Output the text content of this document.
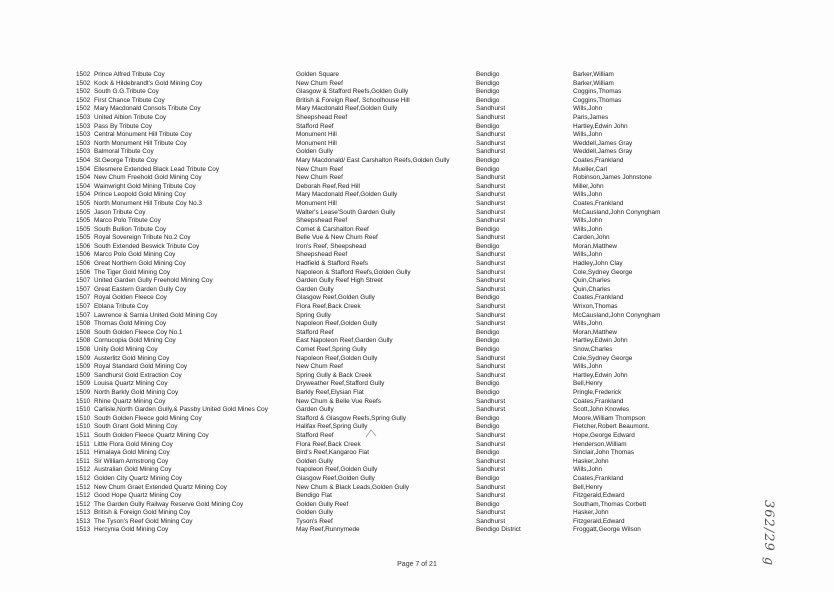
1502 Prince Alfred Tribute Coy	Golden Square	Bendigo	Barker,William
1502 Kock & Hildebrandt's Gold Mining Coy	New Chum Reef	Bendigo	Barker,William
1502 South G.G.Tribute Coy	Glasgow & Stafford Reefs,Golden Gully	Bendigo	Coggins,Thomas
1502 First Chance Tribute Coy	British & Foreign Reef, Schoolhouse Hill	Bendigo	Coggins,Thomas
1502 Mary Macdonald Consols Tribute Coy	Mary Macdonald Reef,Golden Gully	Sandhurst	Wills,John
1503 United Albion Tribute Coy	Sheepshead Reef	Sandhurst	Paris,James
1503 Pass By Tribute Coy	Stafford Reef	Bendigo	Hartley,Edwin John
1503 Central Monument Hill Tribute Coy	Monument Hill	Sandhurst	Wills,John
1503 North Monument Hill Tribute Coy	Monument Hill	Sandhurst	Weddell,James Gray
1503 Balmoral Tribute Coy	Golden Gully	Sandhurst	Weddell,James Gray
1504 St.George Tribute Coy	Mary Macdonald/ East Carshalton Reefs,Golden Gully	Bendigo	Coates,Frankland
1504 Ellesmere Extended Black Lead Tribute Coy	New Chum Reef	Bendigo	Mueller,Carl
1504 New Chum Freehold Gold Mining Coy	New Chum Reef	Sandhurst	Robinson,James Johnstone
1504 Wainwright Gold Mining Tribute Coy	Deborah Reef,Red Hill	Sandhurst	Miller,John
1504 Prince Leopold Gold Mining Coy	Mary Macdonald Reef,Golden Gully	Sandhurst	Wills,John
1505 North Monument Hill Tribute Coy No.3	Monument Hill	Sandhurst	Coates,Frankland
1505 Jason Tribute Coy	Walter's Lease'South Garden Gully	Sandhurst	McCausland,John Conyngham
1505 Marco Polo Tribute Coy	Sheepshead Reef	Sandhurst	Wills,John
1505 South Bullion Tribute Coy	Comet & Carshalton Reef	Bendigo	Wills,John
1505 Royal Sovereign Tribute No.2 Coy	Belle Vue & New Chum Reef	Sandhurst	Carden,John
1506 South Extended Beswick Tribute Coy	Iron's Reef, Sheepshead	Bendigo	Moran,Matthew
1506 Marco Polo Gold Mining Coy	Sheepshead Reef	Sandhurst	Wills,John
1506 Great Northern Gold Mining Coy	Hadfield & Stafford Reefs	Sandhurst	Hadley,John Clay
1506 The Tiger Gold Mining Coy	Napoleon & Stafford Reefs,Golden Gully	Sandhurst	Cole,Sydney George
1507 United Garden Gully Freehold Mining Coy	Garden Gully Reef High Street	Sandhurst	Quin,Charles
1507 Great Eastern Garden Gully Coy	Garden Gully	Sandhurst	Quin,Charles
1507 Royal Golden Fleece Coy	Glasgow Reef,Golden Gully	Bendigo	Coates,Frankland
1507 Eblana Tribute Coy	Flora Reef,Back Creek	Sandhurst	Wrixon,Thomas
1507 Lawrence & Sarnia United Gold Mining Coy	Spring Gully	Sandhurst	McCausland,John Conyngham
1508 Thomas Gold Mining Coy	Napoleon Reef,Golden Gully	Sandhurst	Wills,John
1508 South Golden Fleece Coy No.1	Stafford Reef	Bendigo	Moran,Matthew
1508 Cornucopia Gold Mining Coy	East Napoleon Reef,Garden Gully	Bendigo	Hartley,Edwin John
1508 Unity Gold Mining Coy	Comet Reef,Spring Gully	Bendigo	Snow,Charles
1509 Austerlitz Gold Mining Coy	Napoleon Reef,Golden Gully	Sandhurst	Cole,Sydney George
1509 Royal Standard Gold Mining Coy	New Chum Reef	Sandhurst	Wills,John
1509 Sandhurst Gold Extraction Coy	Spring Gully & Back Creek	Sandhurst	Hartley,Edwin John
1509 Louisa Quartz Mining Coy	Dryweather Reef,Stafford Gully	Bendigo	Bell,Henry
1509 North Barkly Gold Mining Coy	Barkly Reef,Elysian Flat	Bendigo	Pringle,Frederick
1510 Rhine Quartz Mining Coy	New Chum & Belle Vue Reefs	Sandhurst	Coates,Frankland
1510 Carlisle,North Garden Gully,& Passby United Gold Mines Coy	Garden Gully	Sandhurst	Scott,John Knowles
1510 South Golden Fleece gold Mining Coy	Stafford & Glasgow Reefs,Spring Gully	Bendigo	Moore,William Thompson
1510 South Grant Gold Mining Coy	Halifax Reef,Spring Gully	Bendigo	Fletcher,Robert Beaumont.
1511 South Golden Fleece Quartz Mining Coy	Stafford Reef	Sandhurst	Hope,George Edward
1511 Little Flora Gold Mining Coy	Flora Reef,Back Creek	Sandhurst	Henderson,William
1511 Himalaya Gold Mining Coy	Bird's Reef,Kangaroo Flat	Bendigo	Sinclair,John Thomas
1511 Sir William Armstrong Coy	Golden Gully	Sandhurst	Hasker,John
1512 Australian Gold Mining Coy	Napoleon Reef,Golden Gully	Sandhurst	Wills,John
1512 Golden City Quartz Mining Coy	Glasgow Reef,Golden Gully	Bendigo	Coates,Frankland
1512 New Chum Graet Extended Quartz Mining Coy	New Chum & Black Leads,Golden Gully	Sandhurst	Bell,Henry
1512 Good Hope Quartz Mining Coy	Bendigo Flat	Sandhurst	Fitzgerald,Edward
1512 The Garden Gully Railway Reserve Gold Mining Coy	Golden Gully Reef	Bendigo	Southam,Thomas Corbett
1513 British & Foreign Gold Mining Coy	Golden Gully	Sandhurst	Hasker,John
1513 The Tyson's Reef Gold Mining Coy	Tyson's Reef	Sandhurst	Fitzgerald,Edward
1513 Hercynia Gold Mining Coy	May Reef,Runnymede	Bendigo District	Froggatt,George Wilson	362/29 g
Page 7 of 21
